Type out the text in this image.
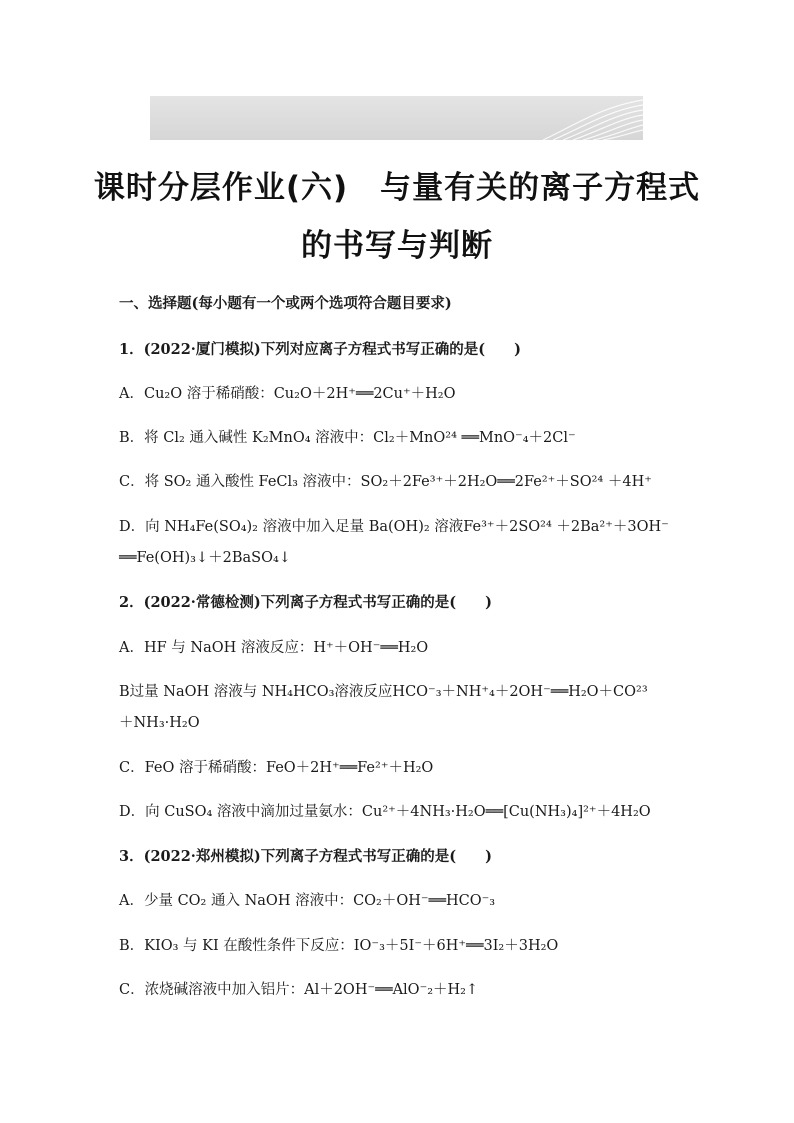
课时分层作业(六)　与量有关的离子方程式
的书写与判断
一、选择题(每小题有一个或两个选项符合题目要求)
1．(2022·厦门模拟)下列对应离子方程式书写正确的是(　　)
A．Cu₂O 溶于稀硝酸：Cu₂O＋2H⁺══2Cu⁺＋H₂O
B．将 Cl₂ 通入碱性 K₂MnO₄ 溶液中：Cl₂＋MnO²⁴ ══MnO⁻₄＋2Cl⁻
C．将 SO₂ 通入酸性 FeCl₃ 溶液中：SO₂＋2Fe³⁺＋2H₂O══2Fe²⁺＋SO²⁴ ＋4H⁺
D．向 NH₄Fe(SO₄)₂ 溶液中加入足量 Ba(OH)₂ 溶液Fe³⁺＋2SO²⁴ ＋2Ba²⁺＋3OH⁻
══Fe(OH)₃↓＋2BaSO₄↓
2．(2022·常德检测)下列离子方程式书写正确的是(　　)
A．HF 与 NaOH 溶液反应：H⁺＋OH⁻══H₂O
B过量 NaOH 溶液与 NH₄HCO₃溶液反应HCO⁻₃＋NH⁺₄＋2OH⁻══H₂O＋CO²³
＋NH₃·H₂O
C．FeO 溶于稀硝酸：FeO＋2H⁺══Fe²⁺＋H₂O
D．向 CuSO₄ 溶液中滴加过量氨水：Cu²⁺＋4NH₃·H₂O══[Cu(NH₃)₄]²⁺＋4H₂O
3．(2022·郑州模拟)下列离子方程式书写正确的是(　　)
A．少量 CO₂ 通入 NaOH 溶液中：CO₂＋OH⁻══HCO⁻₃
B．KIO₃ 与 KI 在酸性条件下反应：IO⁻₃＋5I⁻＋6H⁺══3I₂＋3H₂O
C．浓烧碱溶液中加入铝片：Al＋2OH⁻══AlO⁻₂＋H₂↑
